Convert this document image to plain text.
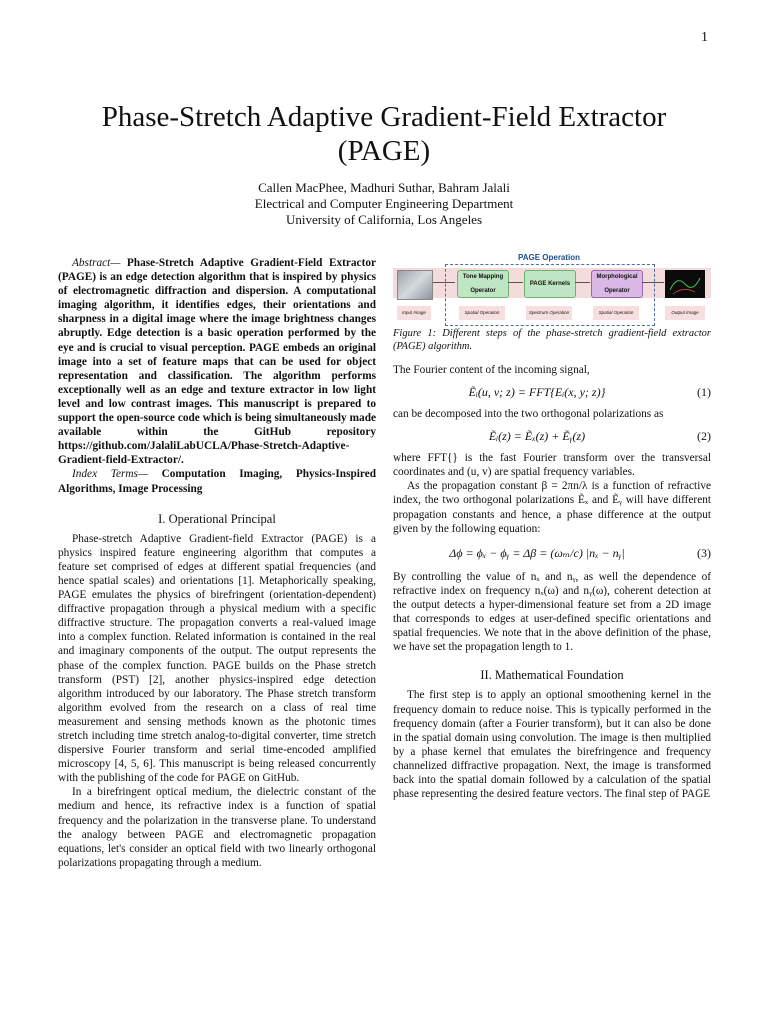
1
Phase-Stretch Adaptive Gradient-Field Extractor (PAGE)
Callen MacPhee, Madhuri Suthar, Bahram Jalali
Electrical and Computer Engineering Department
University of California, Los Angeles

Abstract— Phase-Stretch Adaptive Gradient-Field Extractor (PAGE) is an edge detection algorithm that is inspired by physics of electromagnetic diffraction and dispersion. A computational imaging algorithm, it identifies edges, their orientations and sharpness in a digital image where the image brightness changes abruptly. Edge detection is a basic operation performed by the eye and is crucial to visual perception. PAGE embeds an original image into a set of feature maps that can be used for object representation and classification. The algorithm performs exceptionally well as an edge and texture extractor in low light level and low contrast images. This manuscript is prepared to support the open-source code which is being simultaneously made available within the GitHub repository https://github.com/JalaliLabUCLA/Phase-Stretch-Adaptive-Gradient-field-Extractor/.

Index Terms— Computation Imaging, Physics-Inspired Algorithms, Image Processing

I. Operational Principal

Phase-stretch Adaptive Gradient-field Extractor (PAGE) is a physics inspired feature engineering algorithm that computes a feature set comprised of edges at different spatial frequencies (and hence spatial scales) and orientations [1]. Metaphorically speaking, PAGE emulates the physics of birefringent (orientation-dependent) diffractive propagation through a physical medium with a specific diffractive structure. The propagation converts a real-valued image into a complex function. Related information is contained in the real and imaginary components of the output. The output represents the phase of the complex function. PAGE builds on the Phase stretch transform (PST) [2], another physics-inspired edge detection algorithm introduced by our laboratory. The Phase stretch transform algorithm evolved from the research on a class of real time measurement and sensing methods known as the photonic times stretch including time stretch analog-to-digital converter, time stretch dispersive Fourier transform and serial time-encoded amplified microscopy [4, 5, 6]. This manuscript is being released concurrently with the publishing of the code for PAGE on GitHub.

In a birefringent optical medium, the dielectric constant of the medium and hence, its refractive index is a function of spatial frequency and the polarization in the transverse plane. To understand the analogy between PAGE and electromagnetic propagation equations, let's consider an optical field with two linearly orthogonal polarizations propagating through a medium.

PAGE Operation
Input Image
Tone Mapping Operator
PAGE Kernels
Morphological Operator
Output Image
Spatial Operation	Spectrum Operation	Spatial Operation

Figure 1: Different steps of the phase-stretch gradient-field extractor (PAGE) algorithm.

The Fourier content of the incoming signal,

Ẽᵢ(u, v; z) = FFT{Eᵢ(x, y; z)}	(1)

can be decomposed into the two orthogonal polarizations as

Ẽᵢ(z) = Ẽₓ(z) + Ẽᵧ(z)	(2)

where FFT{} is the fast Fourier transform over the transversal coordinates and (u, v) are spatial frequency variables.

As the propagation constant β = 2πn/λ is a function of refractive index, the two orthogonal polarizations Ẽₓ and Ẽᵧ will have different propagation constants and hence, a phase difference at the output given by the following equation:

Δϕ = ϕₓ − ϕᵧ = Δβ = (ωₘ/c) |nₓ − nᵧ|	(3)

By controlling the value of nₓ and nᵧ, as well the dependence of refractive index on frequency nₓ(ω) and nᵧ(ω), coherent detection at the output detects a hyper-dimensional feature set from a 2D image that corresponds to edges at user-defined specific orientations and spatial frequencies. We note that in the above definition of the phase, we have set the propagation length to 1.

II. Mathematical Foundation

The first step is to apply an optional smoothening kernel in the frequency domain to reduce noise. This is typically performed in the frequency domain (after a Fourier transform), but it can also be done in the spatial domain using convolution. The image is then multiplied by a phase kernel that emulates the birefringence and frequency channelized diffractive propagation. Next, the image is transformed back into the spatial domain followed by a calculation of the spatial phase representing the desired feature vectors. The final step of PAGE
